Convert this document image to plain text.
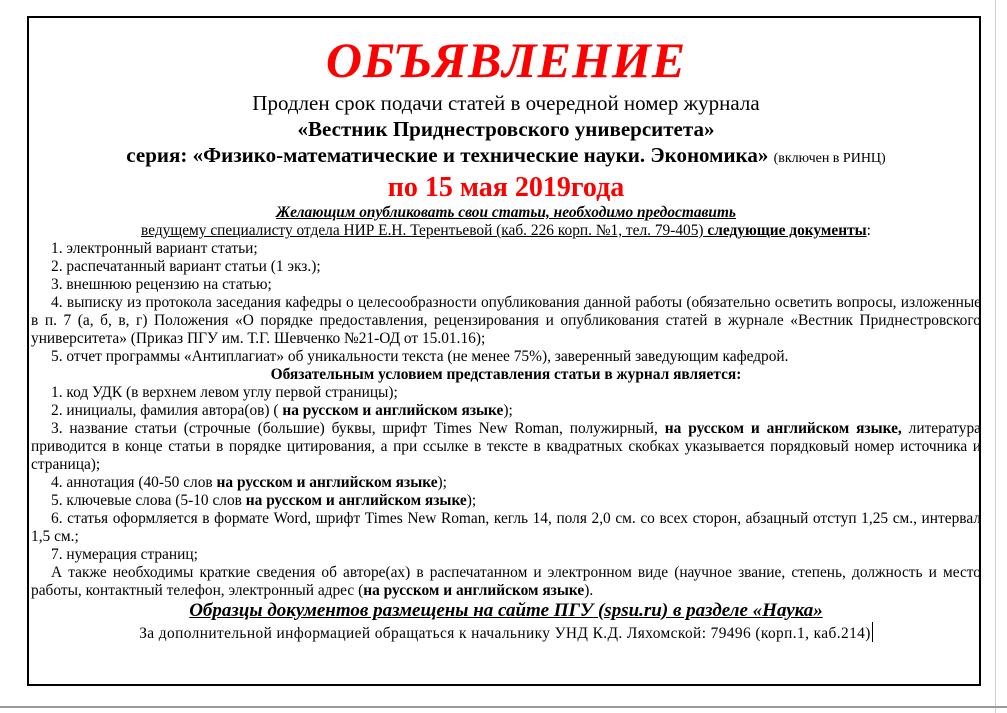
ОБЪЯВЛЕНИЕ
Продлен срок подачи статей в очередной номер журнала
«Вестник Приднестровского университета»
серия: «Физико-математические и технические науки. Экономика» (включен в РИНЦ)
по 15 мая 2019года
Желающим опубликовать свои статьи, необходимо предоставить
ведущему специалисту отдела НИР Е.Н. Терентьевой (каб. 226 корп. №1, тел. 79-405) следующие документы:
1. электронный вариант статьи;
2. распечатанный вариант статьи (1 экз.);
3. внешнюю рецензию на статью;
4. выписку из протокола заседания кафедры о целесообразности опубликования данной работы (обязательно осветить вопросы, изложенные в п. 7 (а, б, в, г) Положения «О порядке предоставления, рецензирования и опубликования статей в журнале «Вестник Приднестровского университета» (Приказ ПГУ им. Т.Г. Шевченко №21-ОД от 15.01.16);
5. отчет программы «Антиплагиат» об уникальности текста (не менее 75%), заверенный заведующим кафедрой.
Обязательным условием представления статьи в журнал является:
1. код УДК (в верхнем левом углу первой страницы);
2. инициалы, фамилия автора(ов) ( на русском и английском языке);
3. название статьи (строчные (большие) буквы, шрифт Times New Roman, полужирный, на русском и английском языке, литература приводится в конце статьи в порядке цитирования, а при ссылке в тексте в квадратных скобках указывается порядковый номер источника и страница);
4. аннотация (40-50 слов на русском и английском языке);
5. ключевые слова (5-10 слов на русском и английском языке);
6. статья оформляется в формате Word, шрифт Times New Roman, кегль 14, поля 2,0 см. со всех сторон, абзацный отступ 1,25 см., интервал 1,5 см.;
7. нумерация страниц;
А также необходимы краткие сведения об авторе(ах) в распечатанном и электронном виде (научное звание, степень, должность и место работы, контактный телефон, электронный адрес (на русском и английском языке).
Образцы документов размещены на сайте ПГУ (spsu.ru) в разделе «Наука»
За дополнительной информацией обращаться к начальнику УНД К.Д. Ляхомской: 79496 (корп.1, каб.214)
